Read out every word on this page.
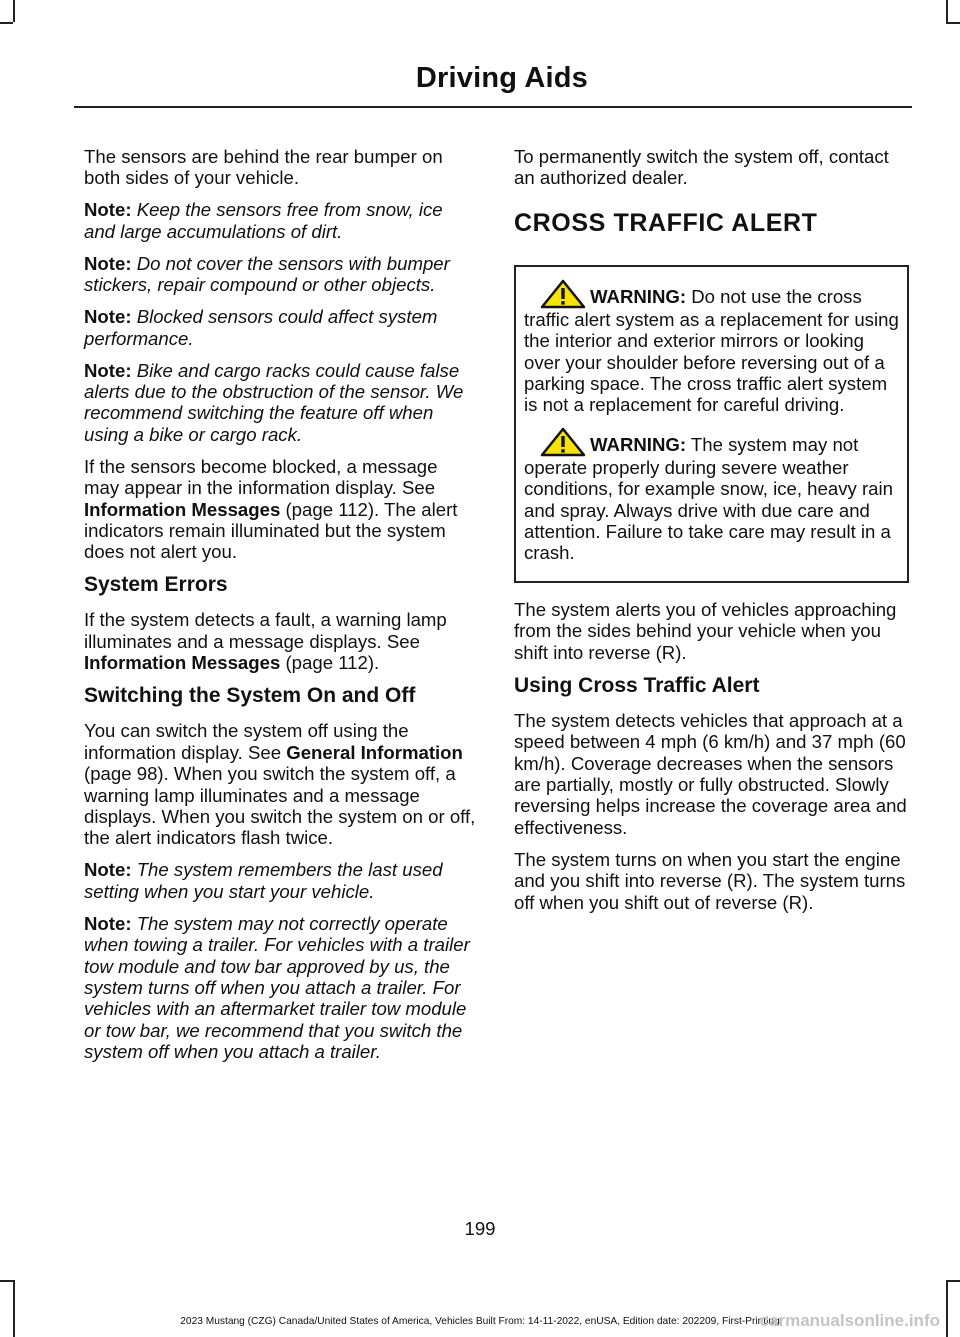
Driving Aids

The sensors are behind the rear bumper on both sides of your vehicle.

Note: Keep the sensors free from snow, ice and large accumulations of dirt.

Note: Do not cover the sensors with bumper stickers, repair compound or other objects.

Note: Blocked sensors could affect system performance.

Note: Bike and cargo racks could cause false alerts due to the obstruction of the sensor. We recommend switching the feature off when using a bike or cargo rack.

If the sensors become blocked, a message may appear in the information display. See Information Messages (page 112). The alert indicators remain illuminated but the system does not alert you.

System Errors

If the system detects a fault, a warning lamp illuminates and a message displays. See Information Messages (page 112).

Switching the System On and Off

You can switch the system off using the information display. See General Information (page 98). When you switch the system off, a warning lamp illuminates and a message displays. When you switch the system on or off, the alert indicators flash twice.

Note: The system remembers the last used setting when you start your vehicle.

Note: The system may not correctly operate when towing a trailer. For vehicles with a trailer tow module and tow bar approved by us, the system turns off when you attach a trailer. For vehicles with an aftermarket trailer tow module or tow bar, we recommend that you switch the system off when you attach a trailer.

To permanently switch the system off, contact an authorized dealer.

CROSS TRAFFIC ALERT

WARNING: Do not use the cross traffic alert system as a replacement for using the interior and exterior mirrors or looking over your shoulder before reversing out of a parking space. The cross traffic alert system is not a replacement for careful driving.

WARNING: The system may not operate properly during severe weather conditions, for example snow, ice, heavy rain and spray. Always drive with due care and attention. Failure to take care may result in a crash.

The system alerts you of vehicles approaching from the sides behind your vehicle when you shift into reverse (R).

Using Cross Traffic Alert

The system detects vehicles that approach at a speed between 4 mph (6 km/h) and 37 mph (60 km/h). Coverage decreases when the sensors are partially, mostly or fully obstructed. Slowly reversing helps increase the coverage area and effectiveness.

The system turns on when you start the engine and you shift into reverse (R). The system turns off when you shift out of reverse (R).

199
2023 Mustang (CZG) Canada/United States of America, Vehicles Built From: 14-11-2022, enUSA, Edition date: 202209, First-Printing
carmanualsonline.info
